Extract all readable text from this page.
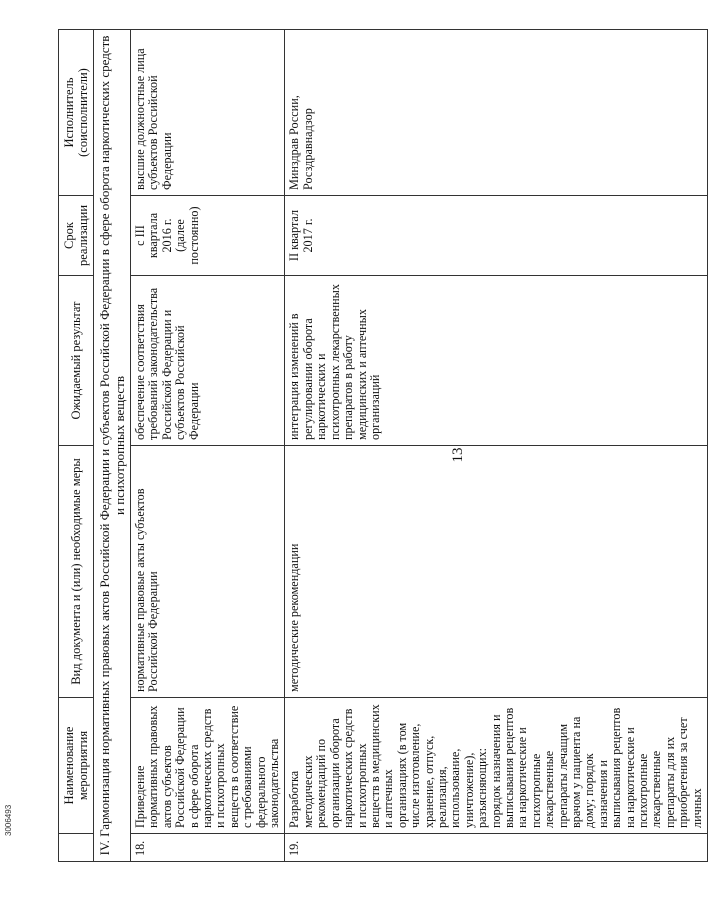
	Наименование мероприятия	Вид документа и (или) необходимые меры	Ожидаемый результат	Срок реализации	Исполнитель (соисполнители)
IV. Гармонизация нормативных правовых актов Российской Федерации и субъектов Российской Федерации в сфере оборота наркотических средств и психотропных веществ					
18.	Приведение нормативных правовых актов субъектов Российской Федерации в сфере оборота наркотических средств и психотропных веществ в соответствие с требованиями федерального законодательства	нормативные правовые акты субъектов Российской Федерации	обеспечение соответствия требований законодательства Российской Федерации и субъектов Российской Федерации	с III квартала 2016 г. (далее постоянно)	высшие должностные лица субъектов Российской Федерации
19.	Разработка методических рекомендаций по организации оборота наркотических средств и психотропных веществ в медицинских и аптечных организациях (в том числе изготовление, хранение, отпуск, реализация, использование, уничтожение), разъясняющих: порядок назначения и выписывания рецептов на наркотические и психотропные лекарственные препараты лечащим врачом у пациента на дому; порядок назначения и выписывания рецептов на наркотические и психотропные лекарственные препараты для их приобретения за счет личных	методические рекомендации	интеграция изменений в регулировании оборота наркотических и психотропных лекарственных препаратов в работу медицинских и аптечных организаций	II квартал 2017 г.	Минздрав России, Росздравнадзор
13
3006493
